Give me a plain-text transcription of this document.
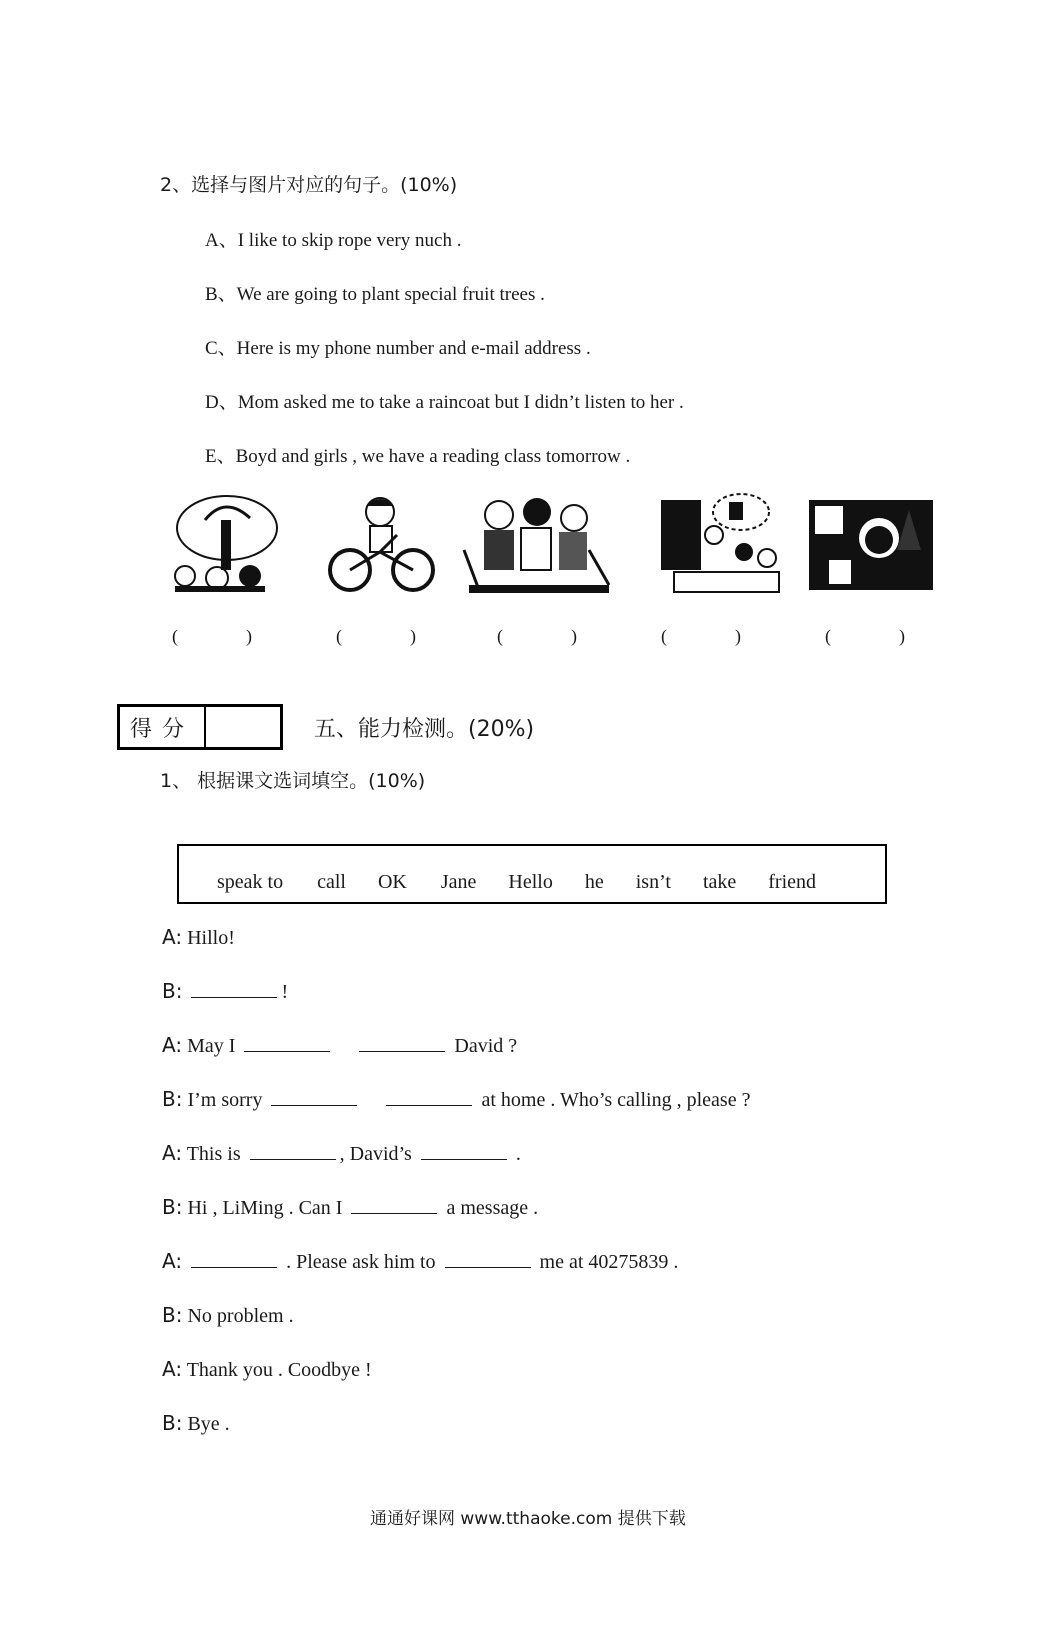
2、选择与图片对应的句子。(10%)
A、I like to skip rope very nuch .
B、We are going to plant special fruit trees .
C、Here is my phone number and e-mail address .
D、Mom asked me to take a raincoat but I didn’t listen to her .
E、Boyd and girls , we have a reading class tomorrow .
(	)	(	)	(	)	(	)	(	)
得分	五、能力检测。(20%)
1、 根据课文选词填空。(10%)
speak to call OK Jane Hello he isn’t take friend
A: Hillo!
B:	!
A: May I	David ?
B: I’m sorry	at home . Who’s calling , please ?
A: This is	, David’s	.
B: Hi , LiMing . Can I	a message .
A:	. Please ask him to	me at 40275839 .
B: No problem .
A: Thank you . Coodbye !
B: Bye .
通通好课网 www.tthaoke.com 提供下载
